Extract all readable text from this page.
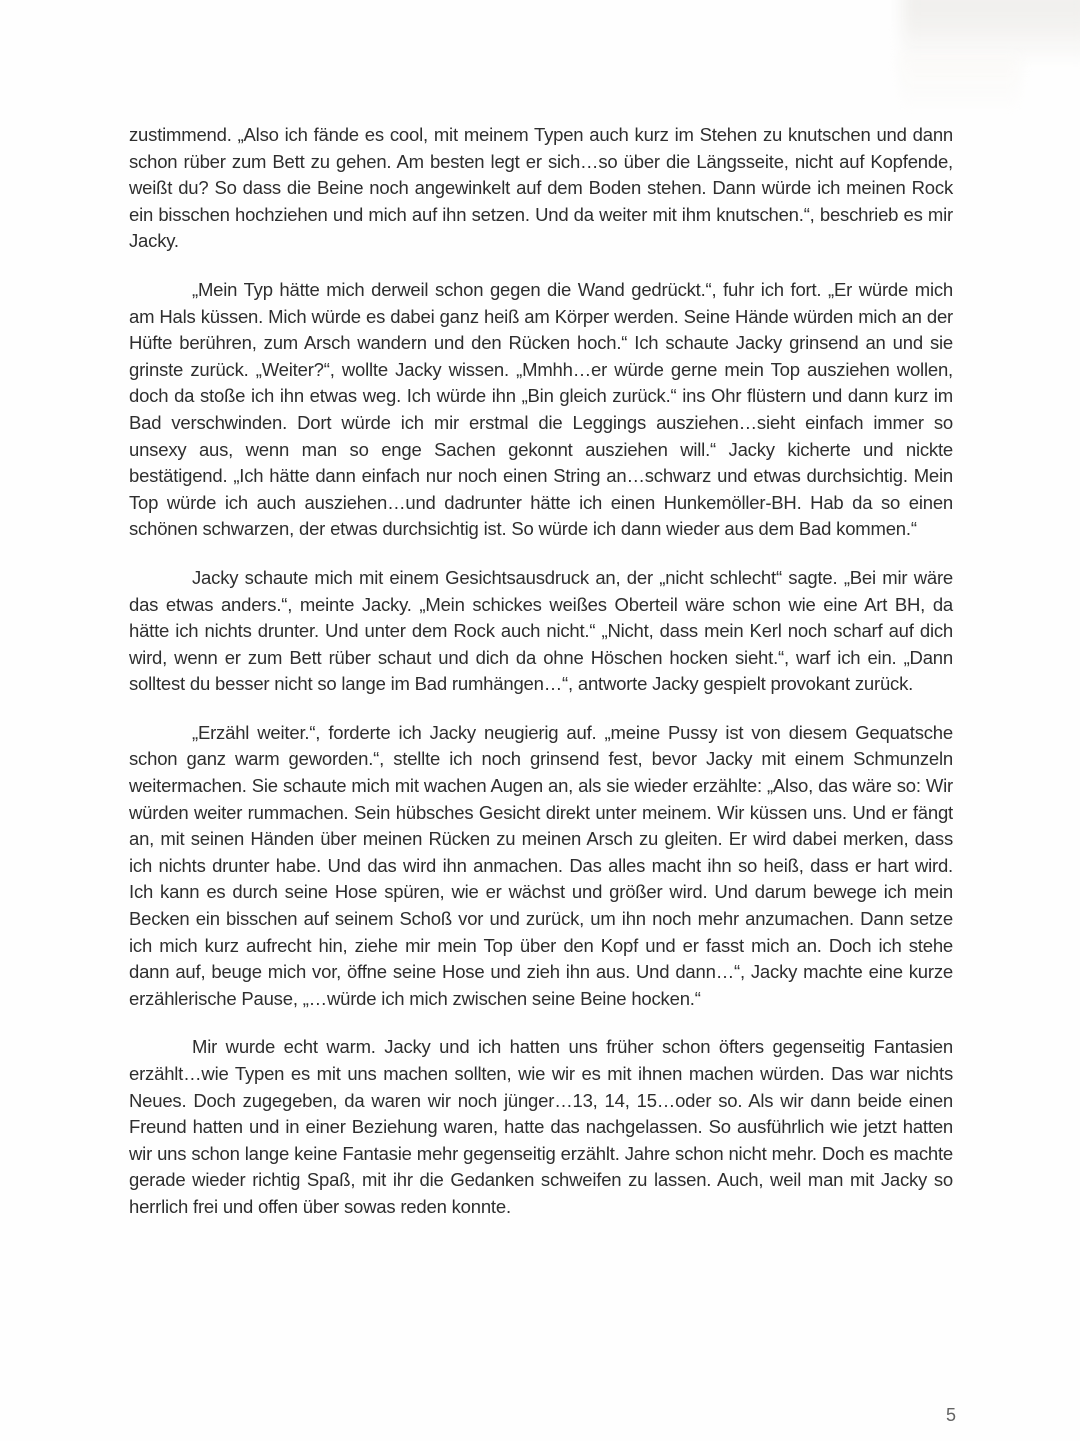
zustimmend. „Also ich fände es cool, mit meinem Typen auch kurz im Stehen zu knutschen und dann schon rüber zum Bett zu gehen. Am besten legt er sich…so über die Längsseite, nicht auf Kopfende, weißt du? So dass die Beine noch angewinkelt auf dem Boden stehen. Dann würde ich meinen Rock ein bisschen hochziehen und mich auf ihn setzen. Und da weiter mit ihm knutschen.“, beschrieb es mir Jacky.

„Mein Typ hätte mich derweil schon gegen die Wand gedrückt.“, fuhr ich fort. „Er würde mich am Hals küssen. Mich würde es dabei ganz heiß am Körper werden. Seine Hände würden mich an der Hüfte berühren, zum Arsch wandern und den Rücken hoch.“ Ich schaute Jacky grinsend an und sie grinste zurück. „Weiter?“, wollte Jacky wissen. „Mmhh…er würde gerne mein Top ausziehen wollen, doch da stoße ich ihn etwas weg. Ich würde ihn „Bin gleich zurück.“ ins Ohr flüstern und dann kurz im Bad verschwinden. Dort würde ich mir erstmal die Leggings ausziehen…sieht einfach immer so unsexy aus, wenn man so enge Sachen gekonnt ausziehen will.“ Jacky kicherte und nickte bestätigend. „Ich hätte dann einfach nur noch einen String an…schwarz und etwas durchsichtig. Mein Top würde ich auch ausziehen…und dadrunter hätte ich einen Hunkemöller-BH. Hab da so einen schönen schwarzen, der etwas durchsichtig ist. So würde ich dann wieder aus dem Bad kommen.“

Jacky schaute mich mit einem Gesichtsausdruck an, der „nicht schlecht“ sagte. „Bei mir wäre das etwas anders.“, meinte Jacky. „Mein schickes weißes Oberteil wäre schon wie eine Art BH, da hätte ich nichts drunter. Und unter dem Rock auch nicht.“ „Nicht, dass mein Kerl noch scharf auf dich wird, wenn er zum Bett rüber schaut und dich da ohne Höschen hocken sieht.“, warf ich ein. „Dann solltest du besser nicht so lange im Bad rumhängen…“, antworte Jacky gespielt provokant zurück.

„Erzähl weiter.“, forderte ich Jacky neugierig auf. „meine Pussy ist von diesem Gequatsche schon ganz warm geworden.“, stellte ich noch grinsend fest, bevor Jacky mit einem Schmunzeln weitermachen. Sie schaute mich mit wachen Augen an, als sie wieder erzählte: „Also, das wäre so: Wir würden weiter rummachen. Sein hübsches Gesicht direkt unter meinem. Wir küssen uns. Und er fängt an, mit seinen Händen über meinen Rücken zu meinen Arsch zu gleiten. Er wird dabei merken, dass ich nichts drunter habe. Und das wird ihn anmachen. Das alles macht ihn so heiß, dass er hart wird. Ich kann es durch seine Hose spüren, wie er wächst und größer wird. Und darum bewege ich mein Becken ein bisschen auf seinem Schoß vor und zurück, um ihn noch mehr anzumachen. Dann setze ich mich kurz aufrecht hin, ziehe mir mein Top über den Kopf und er fasst mich an. Doch ich stehe dann auf, beuge mich vor, öffne seine Hose und zieh ihn aus. Und dann…“, Jacky machte eine kurze erzählerische Pause, „…würde ich mich zwischen seine Beine hocken.“

Mir wurde echt warm. Jacky und ich hatten uns früher schon öfters gegenseitig Fantasien erzählt…wie Typen es mit uns machen sollten, wie wir es mit ihnen machen würden. Das war nichts Neues. Doch zugegeben, da waren wir noch jünger…13, 14, 15…oder so. Als wir dann beide einen Freund hatten und in einer Beziehung waren, hatte das nachgelassen. So ausführlich wie jetzt hatten wir uns schon lange keine Fantasie mehr gegenseitig erzählt. Jahre schon nicht mehr. Doch es machte gerade wieder richtig Spaß, mit ihr die Gedanken schweifen zu lassen. Auch, weil man mit Jacky so herrlich frei und offen über sowas reden konnte.

5
